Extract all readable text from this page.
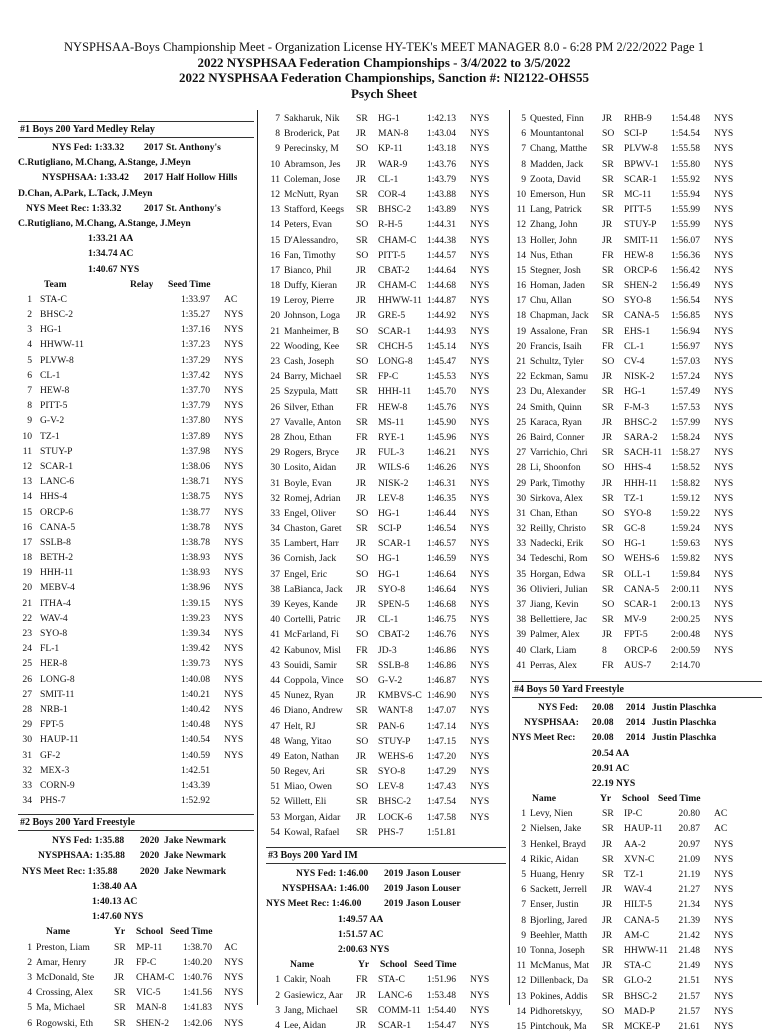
NYSPHSAA-Boys Championship Meet - Organization License HY-TEK's MEET MANAGER 8.0 - 6:28 PM 2/22/2022 Page 1
2022 NYSPHSAA Federation Championships - 3/4/2022 to 3/5/2022
2022 NYSPHSAA Federation Championships, Sanction #: NI2122-OHS55
Psych Sheet
#1 Boys 200 Yard Medley Relay
NYS Fed: 1:33.32 2017 St. Anthony's
C.Rutigliano, M.Chang, A.Stange, J.Meyn
NYSPHSAA: 1:33.42 2017 Half Hollow Hills
D.Chan, A.Park, L.Tack, J.Meyn
NYS Meet Rec: 1:33.32 2017 St. Anthony's
C.Rutigliano, M.Chang, A.Stange, J.Meyn
1:33.21 AA
1:34.74 AC
1:40.67 NYS
Team	Relay Seed Time
1 STA-C	1:33.97 AC
2 BHSC-2	1:35.27 NYS
3 HG-1	1:37.16 NYS
4 HHWW-11	1:37.23 NYS
5 PLVW-8	1:37.29 NYS
6 CL-1	1:37.42 NYS
7 HEW-8	1:37.70 NYS
8 PITT-5	1:37.79 NYS
9 G-V-2	1:37.80 NYS
10 TZ-1	1:37.89 NYS
11 STUY-P	1:37.98 NYS
12 SCAR-1	1:38.06 NYS
13 LANC-6	1:38.71 NYS
14 HHS-4	1:38.75 NYS
15 ORCP-6	1:38.77 NYS
16 CANA-5	1:38.78 NYS
17 SSLB-8	1:38.78 NYS
18 BETH-2	1:38.93 NYS
19 HHH-11	1:38.93 NYS
20 MEBV-4	1:38.96 NYS
21 ITHA-4	1:39.15 NYS
22 WAV-4	1:39.23 NYS
23 SYO-8	1:39.34 NYS
24 FL-1	1:39.42 NYS
25 HER-8	1:39.73 NYS
26 LONG-8	1:40.08 NYS
27 SMIT-11	1:40.21 NYS
28 NRB-1	1:40.42 NYS
29 FPT-5	1:40.48 NYS
30 HAUP-11	1:40.54 NYS
31 GF-2	1:40.59 NYS
32 MEX-3	1:42.51
33 CORN-9	1:43.39
34 PHS-7	1:52.92
#2 Boys 200 Yard Freestyle
NYS Fed: 1:35.88 2020 Jake Newmark
NYSPHSAA: 1:35.88 2020 Jake Newmark
NYS Meet Rec: 1:35.88 2020 Jake Newmark
1:38.40 AA
1:40.13 AC
1:47.60 NYS
Name	Yr School Seed Time
1 Preston, Liam	SR	MP-11	1:38.70 AC
2 Amar, Henry	JR	FP-C	1:40.20 NYS
3 McDonald, Ste	JR	CHAM-C 1:40.76 NYS
4 Crossing, Alex	SR	VIC-5	1:41.56 NYS
5 Ma, Michael	SR	MAN-8	1:41.83 NYS
6 Rogowski, Eth	SR	SHEN-2	1:42.06 NYS
7 Sakharuk, Nik	SR	HG-1	1:42.13 NYS
8 Broderick, Pat	JR	MAN-8	1:43.04 NYS
9 Perecinsky, M	SO	KP-11	1:43.18 NYS
10 Abramson, Jes	JR	WAR-9	1:43.76 NYS
11 Coleman, Jose	JR	CL-1	1:43.79 NYS
12 McNutt, Ryan	SR	COR-4	1:43.88 NYS
13 Stafford, Keegs	SR	BHSC-2	1:43.89 NYS
14 Peters, Evan	SO	R-H-5	1:44.31 NYS
15 D'Alessandro,	SR	CHAM-C	1:44.38 NYS
16 Fan, Timothy	SO	PITT-5	1:44.57 NYS
17 Bianco, Phil	JR	CBAT-2	1:44.64 NYS
18 Duffy, Kieran	JR	CHAM-C	1:44.68 NYS
19 Leroy, Pierre	JR	HHWW-11 1:44.87 NYS
20 Johnson, Loga	JR	GRE-5	1:44.92 NYS
21 Manheimer, B	SO	SCAR-1	1:44.93 NYS
22 Wooding, Kee	SR	CHCH-5	1:45.14 NYS
23 Cash, Joseph	SO	LONG-8	1:45.47 NYS
24 Barry, Michael	SR	FP-C	1:45.53 NYS
25 Szypula, Matt	SR	HHH-11	1:45.70 NYS
26 Silver, Ethan	FR	HEW-8	1:45.76 NYS
27 Vavalle, Anton	SR	MS-11	1:45.90 NYS
28 Zhou, Ethan	FR	RYE-1	1:45.96 NYS
29 Rogers, Bryce	JR	FUL-3	1:46.21 NYS
30 Losito, Aidan	JR	WILS-6	1:46.26 NYS
31 Boyle, Evan	JR	NISK-2	1:46.31 NYS
32 Romej, Adrian	JR	LEV-8	1:46.35 NYS
33 Engel, Oliver	SO	HG-1	1:46.44 NYS
34 Chaston, Garet	SR	SCI-P	1:46.54 NYS
35 Lambert, Harr	JR	SCAR-1	1:46.57 NYS
36 Cornish, Jack	SO	HG-1	1:46.59 NYS
37 Engel, Eric	SO	HG-1	1:46.64 NYS
38 LaBianca, Jack	JR	SYO-8	1:46.64 NYS
39 Keyes, Kande	JR	SPEN-5	1:46.68 NYS
40 Cortelli, Patric	JR	CL-1	1:46.75 NYS
41 McFarland, Fi	SO	CBAT-2	1:46.76 NYS
42 Kabunov, Misl	FR	JD-3	1:46.86 NYS
43 Souidi, Samir	SR	SSLB-8	1:46.86 NYS
44 Coppola, Vince	SO	G-V-2	1:46.87 NYS
45 Nunez, Ryan	JR	KMBVS-C 1:46.90 NYS
46 Diano, Andrew	SR	WANT-8	1:47.07 NYS
47 Helt, RJ	SR	PAN-6	1:47.14 NYS
48 Wang, Yitao	SO	STUY-P	1:47.15 NYS
49 Eaton, Nathan	JR	WEHS-6	1:47.20 NYS
50 Regev, Ari	SR	SYO-8	1:47.29 NYS
51 Miao, Owen	SO	LEV-8	1:47.43 NYS
52 Willett, Eli	SR	BHSC-2	1:47.54 NYS
53 Morgan, Aidar	JR	LOCK-6	1:47.58 NYS
54 Kowal, Rafael	SR	PHS-7	1:51.81
#3 Boys 200 Yard IM
NYS Fed: 1:46.00 2019 Jason Louser
NYSPHSAA: 1:46.00 2019 Jason Louser
NYS Meet Rec: 1:46.00 2019 Jason Louser
1:49.57 AA
1:51.57 AC
2:00.63 NYS
Name	Yr School Seed Time
1 Cakir, Noah	FR	STA-C	1:51.96 NYS
2 Gasiewicz, Aar	JR	LANC-6	1:53.48 NYS
3 Jang, Michael	SR	COMM-11 1:54.40 NYS
4 Lee, Aidan	JR	SCAR-1	1:54.47 NYS
5 Quested, Finn	JR	RHB-9	1:54.48 NYS
6 Mountantonal	SO	SCI-P	1:54.54 NYS
7 Chang, Matthe	SR	PLVW-8	1:55.58 NYS
8 Madden, Jack	SR	BPWV-1	1:55.80 NYS
9 Zoota, David	SR	SCAR-1	1:55.92 NYS
10 Emerson, Hun	SR	MC-11	1:55.94 NYS
11 Lang, Patrick	SR	PITT-5	1:55.99 NYS
12 Zhang, John	JR	STUY-P	1:55.99 NYS
13 Holler, John	JR	SMIT-11	1:56.07 NYS
14 Nus, Ethan	FR	HEW-8	1:56.36 NYS
15 Stegner, Josh	SR	ORCP-6	1:56.42 NYS
16 Homan, Jaden	SR	SHEN-2	1:56.49 NYS
17 Chu, Allan	SO	SYO-8	1:56.54 NYS
18 Chapman, Jack	SR	CANA-5	1:56.85 NYS
19 Assalone, Fran	SR	EHS-1	1:56.94 NYS
20 Francis, Isaih	FR	CL-1	1:56.97 NYS
21 Schultz, Tyler	SO	CV-4	1:57.03 NYS
22 Eckman, Samu	JR	NISK-2	1:57.24 NYS
23 Du, Alexander	SR	HG-1	1:57.49 NYS
24 Smith, Quinn	SR	F-M-3	1:57.53 NYS
25 Karaca, Ryan	JR	BHSC-2	1:57.99 NYS
26 Baird, Conner	JR	SARA-2	1:58.24 NYS
27 Varrichio, Chri	SR	SACH-11 1:58.27 NYS
28 Li, Shoonfon	SO	HHS-4	1:58.52 NYS
29 Park, Timothy	JR	HHH-11	1:58.82 NYS
30 Sirkova, Alex	SR	TZ-1	1:59.12 NYS
31 Chan, Ethan	SO	SYO-8	1:59.22 NYS
32 Reilly, Christo	SR	GC-8	1:59.24 NYS
33 Nadecki, Erik	SO	HG-1	1:59.63 NYS
34 Tedeschi, Rom	SO	WEHS-6	1:59.82 NYS
35 Horgan, Edwa	SR	OLL-1	1:59.84 NYS
36 Olivieri, Julian	SR	CANA-5	2:00.11 NYS
37 Jiang, Kevin	SO	SCAR-1	2:00.13 NYS
38 Bellettiere, Jac	SR	MV-9	2:00.25 NYS
39 Palmer, Alex	JR	FPT-5	2:00.48 NYS
40 Clark, Liam	8	ORCP-6	2:00.59 NYS
41 Perras, Alex	FR	AUS-7	2:14.70
#4 Boys 50 Yard Freestyle
NYS Fed: 20.08 2014 Justin Plaschka
NYSPHSAA: 20.08 2014 Justin Plaschka
NYS Meet Rec: 20.08 2014 Justin Plaschka
20.54 AA
20.91 AC
22.19 NYS
Name	Yr School Seed Time
1 Levy, Nien	SR	IP-C	20.80 AC
2 Nielsen, Jake	SR	HAUP-11	20.87 AC
3 Henkel, Brayd	JR	AA-2	20.97 NYS
4 Rikic, Aidan	SR	XVN-C	21.09 NYS
5 Huang, Henry	SR	TZ-1	21.19 NYS
6 Sackett, Jerrell	JR	WAV-4	21.27 NYS
7 Enser, Justin	JR	HILT-5	21.34 NYS
8 Bjorling, Jared	JR	CANA-5	21.39 NYS
9 Beehler, Matth	JR	AM-C	21.42 NYS
10 Tonna, Joseph	SR	HHWW-11	21.48 NYS
11 McManus, Mat	JR	STA-C	21.49 NYS
12 Dillenback, Da	SR	GLO-2	21.51 NYS
13 Pokines, Addis	SR	BHSC-2	21.57 NYS
14 Pidhoretskyy,	SO	MAD-P	21.57 NYS
15 Pintchouk, Ma	SR	MCKE-P	21.61 NYS
